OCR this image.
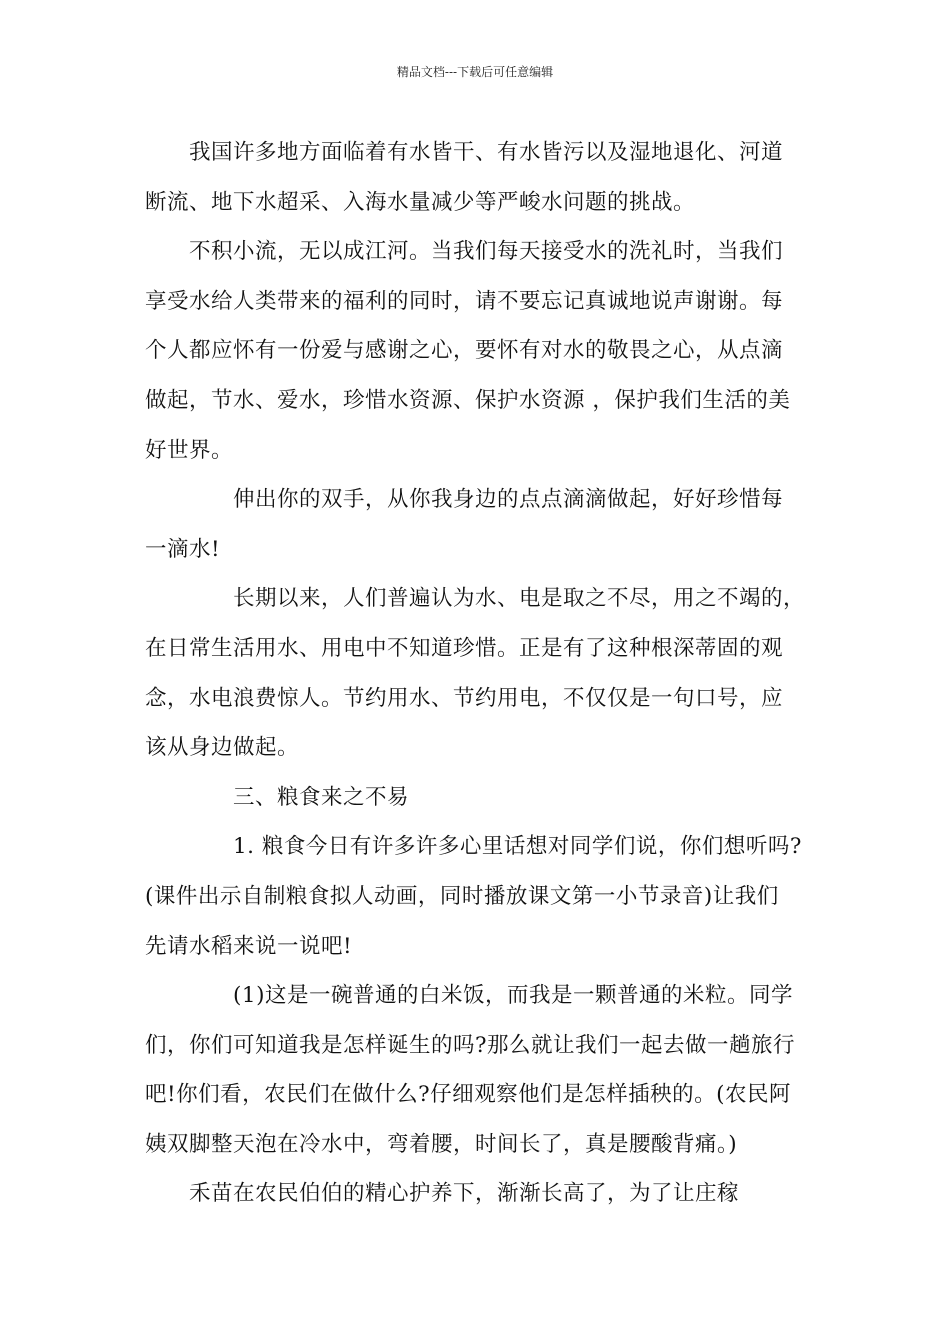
精品文档---下载后可任意编辑

我国许多地方面临着有水皆干、有水皆污以及湿地退化、河道
断流、地下水超采、入海水量减少等严峻水问题的挑战。

不积小流，无以成江河。当我们每天接受水的洗礼时，当我们
享受水给人类带来的福利的同时，请不要忘记真诚地说声谢谢。每
个人都应怀有一份爱与感谢之心，要怀有对水的敬畏之心，从点滴
做起，节水、爱水，珍惜水资源、保护水资源 ，保护我们生活的美
好世界。

伸出你的双手，从你我身边的点点滴滴做起，好好珍惜每
一滴水!

长期以来，人们普遍认为水、电是取之不尽，用之不竭的，
在日常生活用水、用电中不知道珍惜。正是有了这种根深蒂固的观
念，水电浪费惊人。节约用水、节约用电，不仅仅是一句口号，应
该从身边做起。

三、粮食来之不易

1. 粮食今日有许多许多心里话想对同学们说，你们想听吗?
(课件出示自制粮食拟人动画，同时播放课文第一小节录音)让我们
先请水稻来说一说吧!

(1)这是一碗普通的白米饭，而我是一颗普通的米粒。同学
们，你们可知道我是怎样诞生的吗?那么就让我们一起去做一趟旅行
吧!你们看，农民们在做什么?仔细观察他们是怎样插秧的。(农民阿
姨双脚整天泡在冷水中，弯着腰，时间长了，真是腰酸背痛。)

禾苗在农民伯伯的精心护养下，渐渐长高了，为了让庄稼
